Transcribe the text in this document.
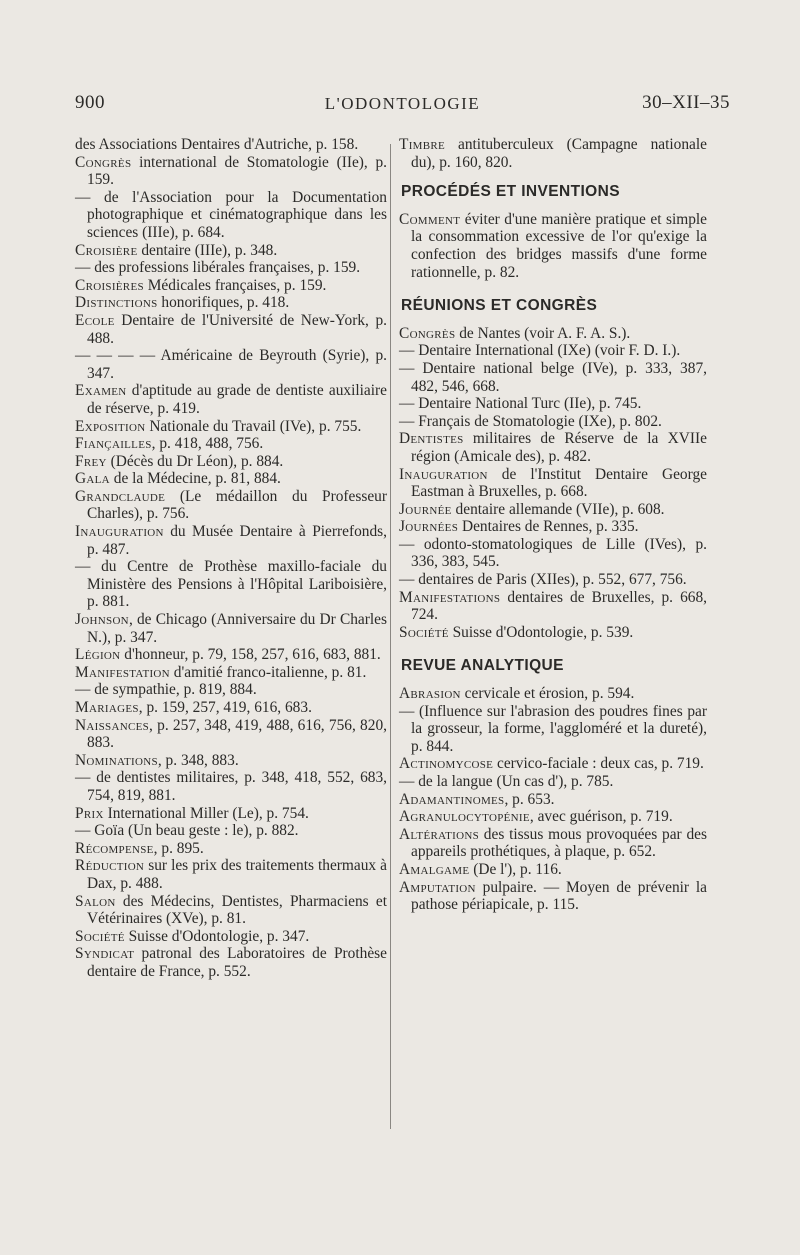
900	L'ODONTOLOGIE	30–XII–35
des Associations Dentaires d'Autriche, p. 158.
Congrès international de Stomatologie (IIe), p. 159.
— de l'Association pour la Documentation photographique et cinématographique dans les sciences (IIIe), p. 684.
Croisière dentaire (IIIe), p. 348.
— des professions libérales françaises, p. 159.
Croisières Médicales françaises, p. 159.
Distinctions honorifiques, p. 418.
Ecole Dentaire de l'Université de New-York, p. 488.
— — — — Américaine de Beyrouth (Syrie), p. 347.
Examen d'aptitude au grade de dentiste auxiliaire de réserve, p. 419.
Exposition Nationale du Travail (IVe), p. 755.
Fiançailles, p. 418, 488, 756.
Frey (Décès du Dr Léon), p. 884.
Gala de la Médecine, p. 81, 884.
Grandclaude (Le médaillon du Professeur Charles), p. 756.
Inauguration du Musée Dentaire à Pierrefonds, p. 487.
— du Centre de Prothèse maxillo-faciale du Ministère des Pensions à l'Hôpital Lariboisière, p. 881.
Johnson, de Chicago (Anniversaire du Dr Charles N.), p. 347.
Légion d'honneur, p. 79, 158, 257, 616, 683, 881.
Manifestation d'amitié franco-italienne, p. 81.
— de sympathie, p. 819, 884.
Mariages, p. 159, 257, 419, 616, 683.
Naissances, p. 257, 348, 419, 488, 616, 756, 820, 883.
Nominations, p. 348, 883.
— de dentistes militaires, p. 348, 418, 552, 683, 754, 819, 881.
Prix International Miller (Le), p. 754.
— Goïa (Un beau geste : le), p. 882.
Récompense, p. 895.
Réduction sur les prix des traitements thermaux à Dax, p. 488.
Salon des Médecins, Dentistes, Pharmaciens et Vétérinaires (XVe), p. 81.
Société Suisse d'Odontologie, p. 347.
Syndicat patronal des Laboratoires de Prothèse dentaire de France, p. 552.
Timbre antituberculeux (Campagne nationale du), p. 160, 820.
PROCÉDÉS ET INVENTIONS
Comment éviter d'une manière pratique et simple la consommation excessive de l'or qu'exige la confection des bridges massifs d'une forme rationnelle, p. 82.
RÉUNIONS ET CONGRÈS
Congrès de Nantes (voir A. F. A. S.).
— Dentaire International (IXe) (voir F. D. I.).
— Dentaire national belge (IVe), p. 333, 387, 482, 546, 668.
— Dentaire National Turc (IIe), p. 745.
— Français de Stomatologie (IXe), p. 802.
Dentistes militaires de Réserve de la XVIIe région (Amicale des), p. 482.
Inauguration de l'Institut Dentaire George Eastman à Bruxelles, p. 668.
Journée dentaire allemande (VIIe), p. 608.
Journées Dentaires de Rennes, p. 335.
— odonto-stomatologiques de Lille (IVes), p. 336, 383, 545.
— dentaires de Paris (XIIes), p. 552, 677, 756.
Manifestations dentaires de Bruxelles, p. 668, 724.
Société Suisse d'Odontologie, p. 539.
REVUE ANALYTIQUE
Abrasion cervicale et érosion, p. 594.
— (Influence sur l'abrasion des poudres fines par la grosseur, la forme, l'aggloméré et la dureté), p. 844.
Actinomycose cervico-faciale : deux cas, p. 719.
— de la langue (Un cas d'), p. 785.
Adamantinomes, p. 653.
Agranulocytopénie, avec guérison, p. 719.
Altérations des tissus mous provoquées par des appareils prothétiques, à plaque, p. 652.
Amalgame (De l'), p. 116.
Amputation pulpaire. — Moyen de prévenir la pathose périapicale, p. 115.
